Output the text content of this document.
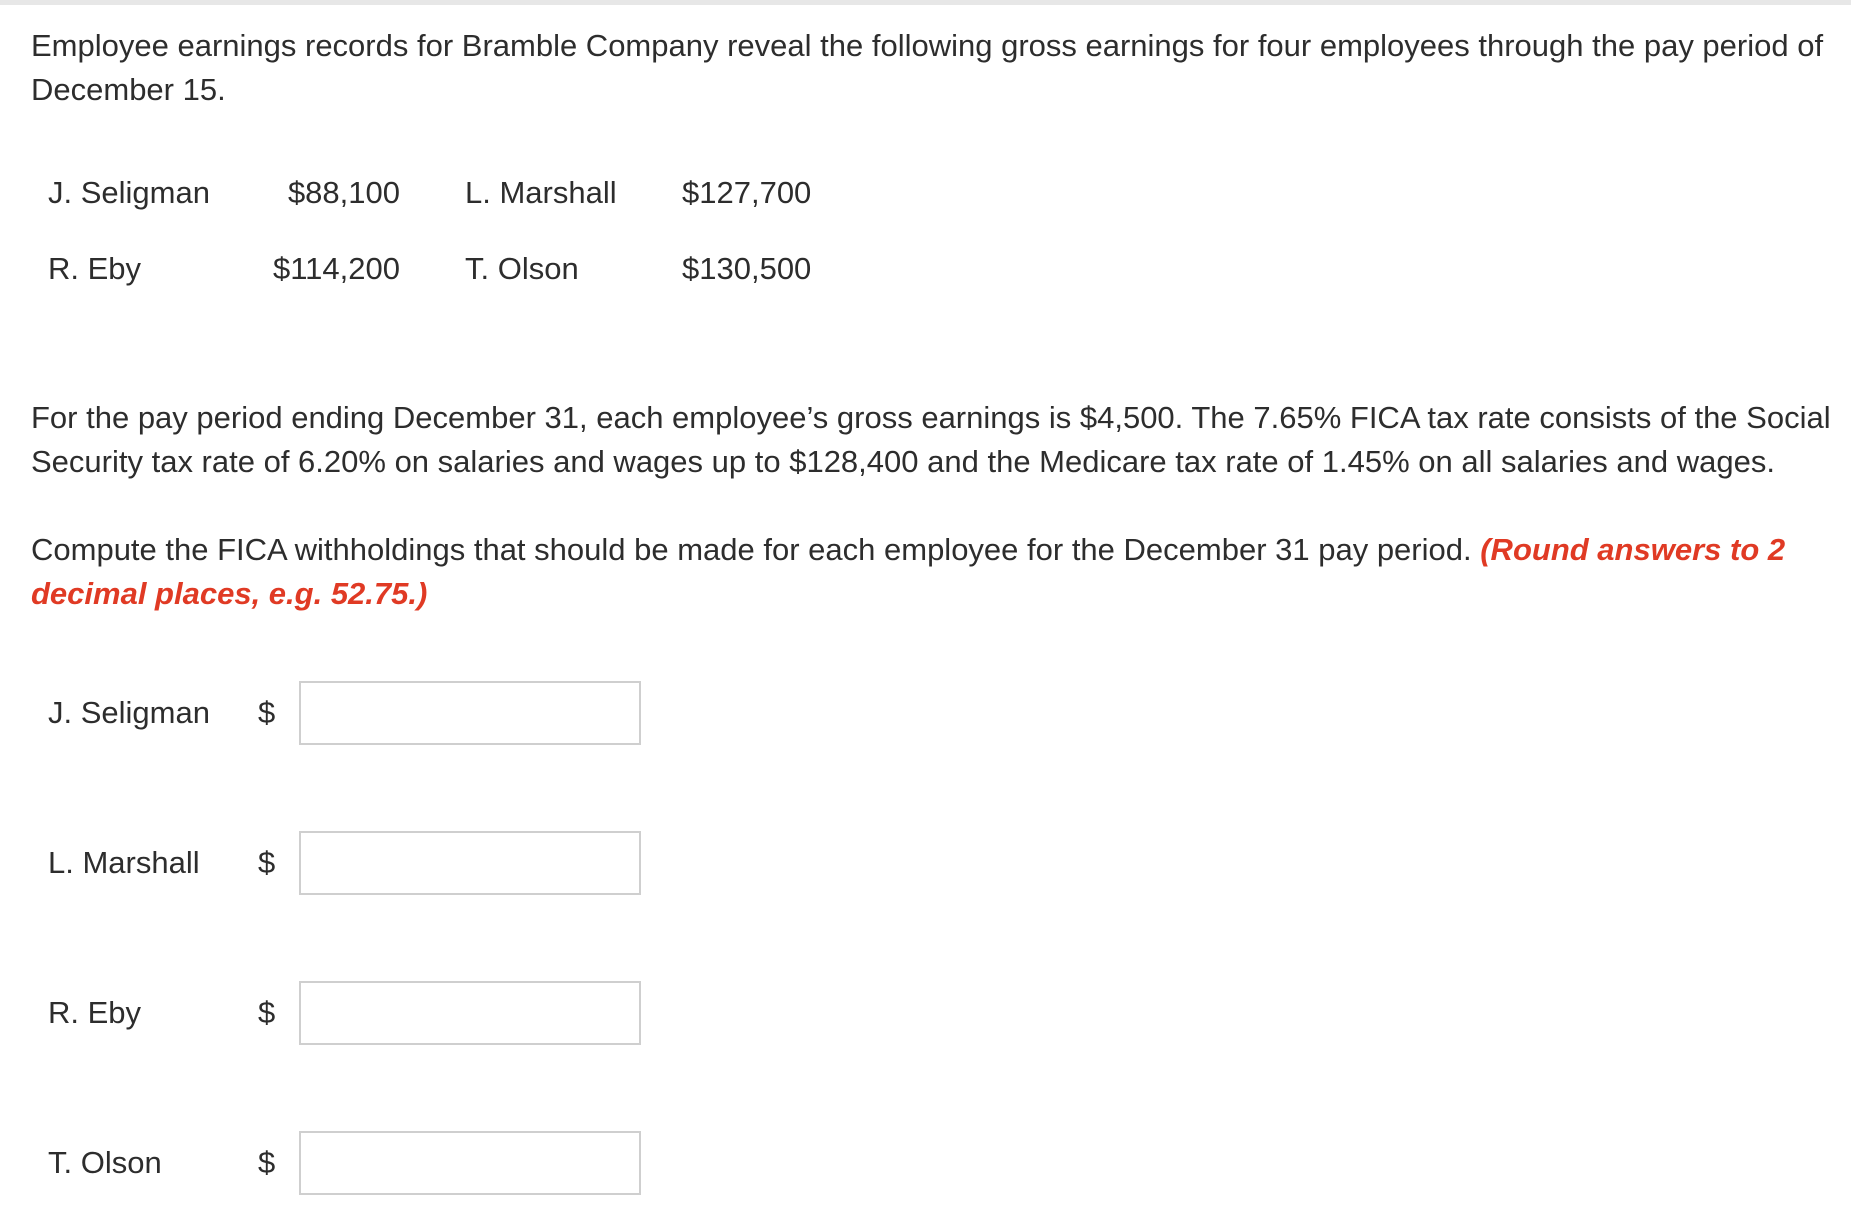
Employee earnings records for Bramble Company reveal the following gross earnings for four employees through the pay period of December 15.

J. Seligman	$88,100 L. Marshall $127,700
R. Eby	$114,200 T. Olson	$130,500

For the pay period ending December 31, each employee’s gross earnings is $4,500. The 7.65% FICA tax rate consists of the Social Security tax rate of 6.20% on salaries and wages up to $128,400 and the Medicare tax rate of 1.45% on all salaries and wages.

Compute the FICA withholdings that should be made for each employee for the December 31 pay period. (Round answers to 2 decimal places, e.g. 52.75.)

J. Seligman $
L. Marshall $
R. Eby	$
T. Olson	$
